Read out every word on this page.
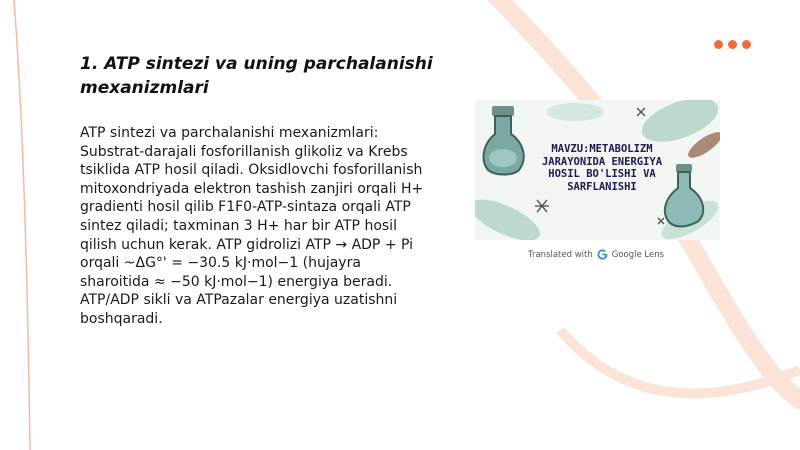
1. ATP sintezi va uning parchalanishi mexanizmlari

ATP sintezi va parchalanishi mexanizmlari: Substrat-darajali fosforillanish glikoliz va Krebs tsiklida ATP hosil qiladi. Oksidlovchi fosforillanish mitoxondriyada elektron tashish zanjiri orqali H+ gradienti hosil qilib F1F0-ATP-sintaza orqali ATP sintez qiladi; taxminan 3 H+ har bir ATP hosil qilish uchun kerak. ATP gidrolizi ATP → ADP + Pi orqali ~ΔG°' = −30.5 kJ·mol−1 (hujayra sharoitida ≈ −50 kJ·mol−1) energiya beradi. ATP/ADP sikli va ATPazalar energiya uzatishni boshqaradi.

MAVZU:METABOLIZM JARAYONIDA ENERGIYA HOSIL BO'LISHI VA SARFLANISHI
Translated with Google Lens
